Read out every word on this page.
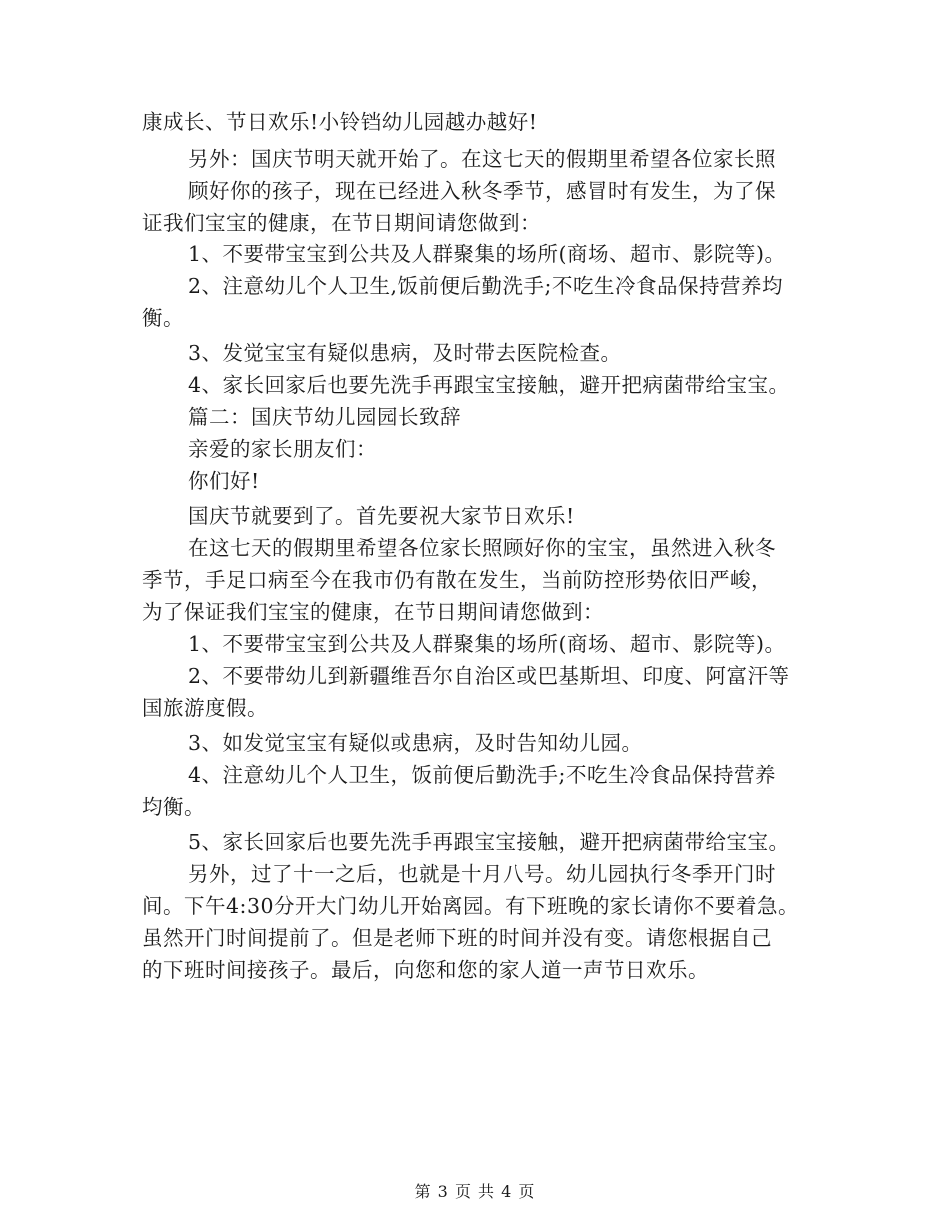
康成长、节日欢乐!小铃铛幼儿园越办越好!
另外：国庆节明天就开始了。在这七天的假期里希望各位家长照
顾好你的孩子，现在已经进入秋冬季节，感冒时有发生，为了保
证我们宝宝的健康，在节日期间请您做到：
1、不要带宝宝到公共及人群聚集的场所(商场、超市、影院等)。
2、注意幼儿个人卫生,饭前便后勤洗手;不吃生冷食品保持营养均
衡。
3、发觉宝宝有疑似患病，及时带去医院检查。
4、家长回家后也要先洗手再跟宝宝接触，避开把病菌带给宝宝。
篇二：国庆节幼儿园园长致辞
亲爱的家长朋友们：
你们好!
国庆节就要到了。首先要祝大家节日欢乐!
在这七天的假期里希望各位家长照顾好你的宝宝，虽然进入秋冬
季节，手足口病至今在我市仍有散在发生，当前防控形势依旧严峻，
为了保证我们宝宝的健康，在节日期间请您做到：
1、不要带宝宝到公共及人群聚集的场所(商场、超市、影院等)。
2、不要带幼儿到新疆维吾尔自治区或巴基斯坦、印度、阿富汗等
国旅游度假。
3、如发觉宝宝有疑似或患病，及时告知幼儿园。
4、注意幼儿个人卫生，饭前便后勤洗手;不吃生冷食品保持营养
均衡。
5、家长回家后也要先洗手再跟宝宝接触，避开把病菌带给宝宝。
另外，过了十一之后，也就是十月八号。幼儿园执行冬季开门时
间。下午4:30分开大门幼儿开始离园。有下班晚的家长请你不要着急。
虽然开门时间提前了。但是老师下班的时间并没有变。请您根据自己
的下班时间接孩子。最后，向您和您的家人道一声节日欢乐。
第 3 页 共 4 页
